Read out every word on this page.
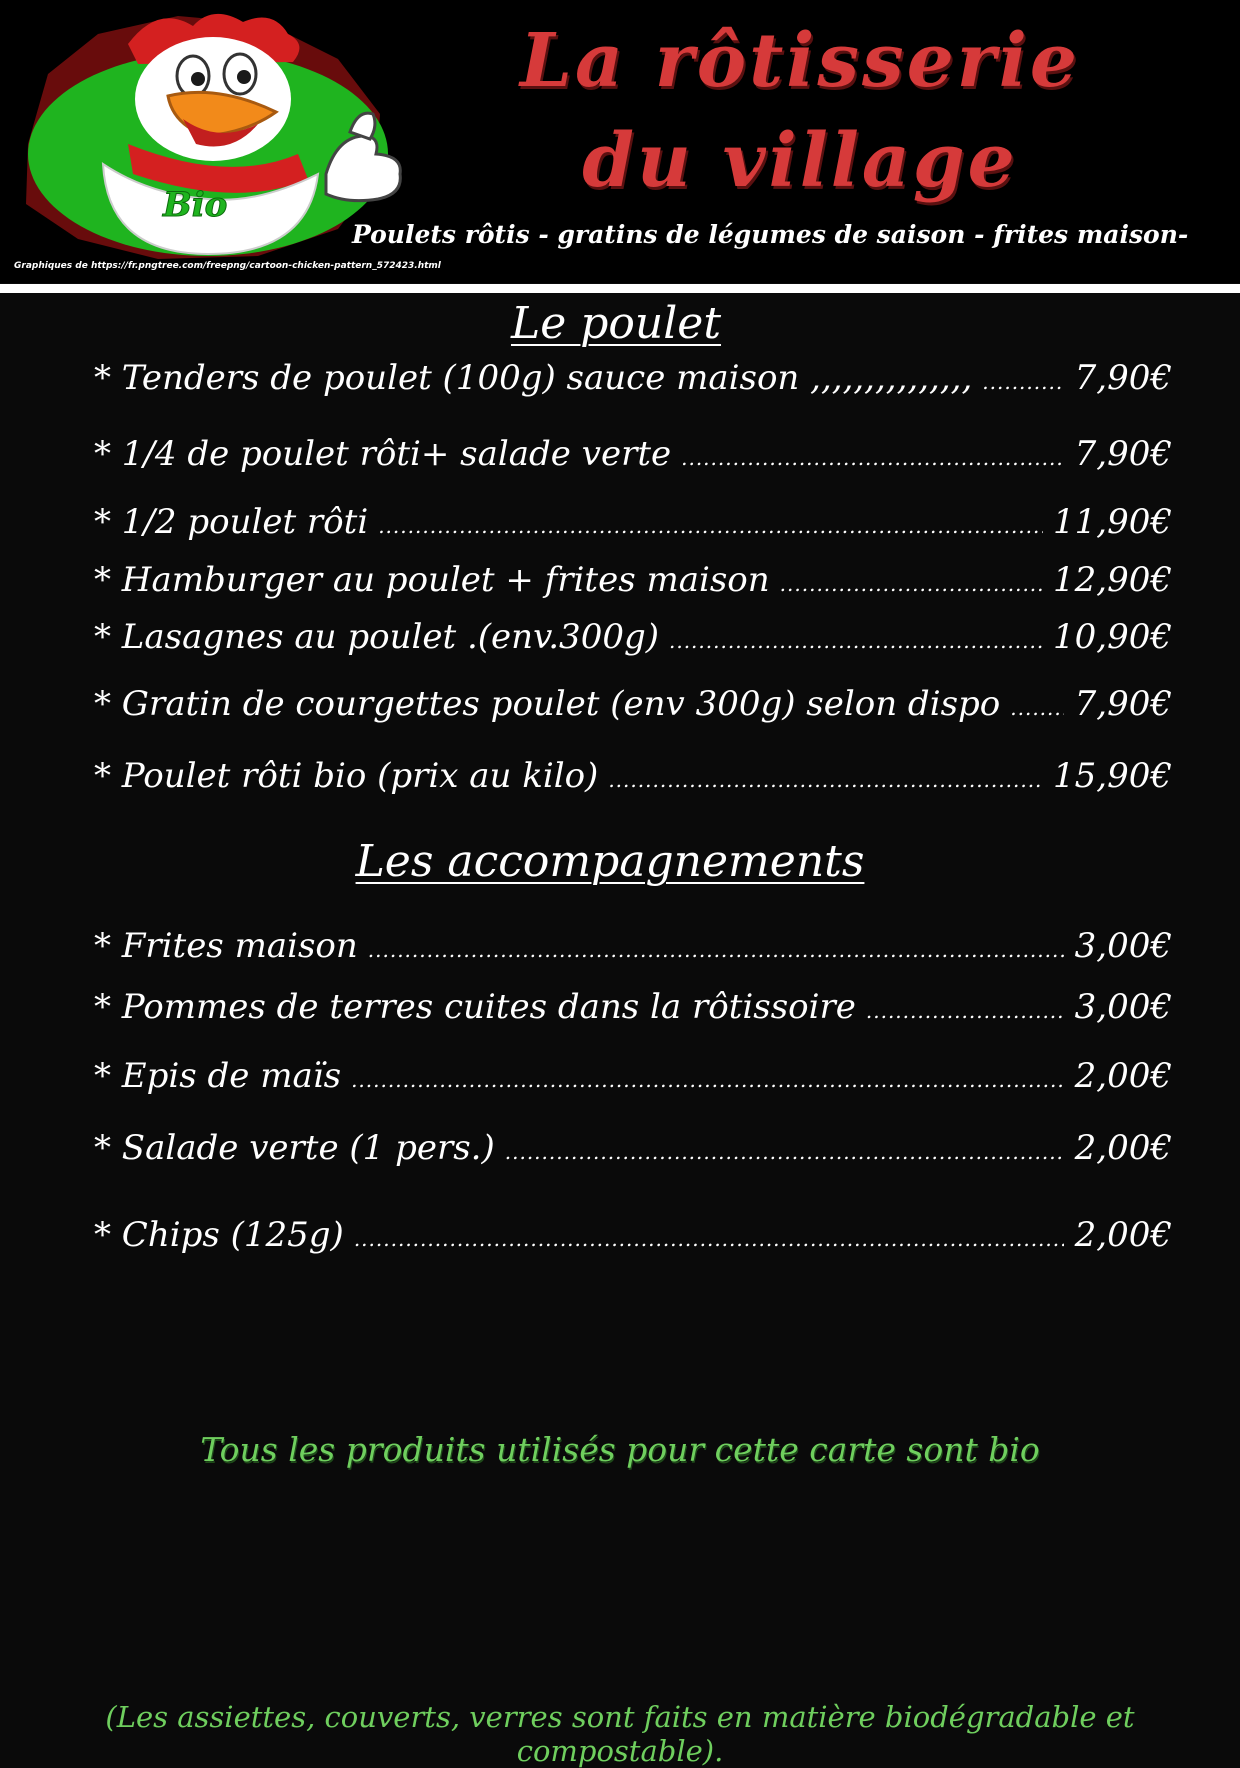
Bio
La rôtisserie
du village
Poulets rôtis - gratins de légumes de saison - frites maison-
Graphiques de https://fr.pngtree.com/freepng/cartoon-chicken-pattern_572423.html
Le poulet
* Tenders de poulet (100g) sauce maison ,,,,,,,,,,,,,,, .....	7,90€
* 1/4 de poulet rôti+ salade verte .....	7,90€
* 1/2 poulet rôti .....	11,90€
* Hamburger au poulet + frites maison .....	12,90€
* Lasagnes au poulet .(env.300g) .....	10,90€
* Gratin de courgettes poulet (env 300g) selon dispo ..... 7,90€
* Poulet rôti bio (prix au kilo) .....	15,90€
Les accompagnements
* Frites maison .....	3,00€
* Pommes de terres cuites dans la rôtissoire .....	3,00€
* Epis de maïs .....	2,00€
* Salade verte (1 pers.) .....	2,00€
* Chips (125g) .....	2,00€
Tous les produits utilisés pour cette carte sont bio
(Les assiettes, couverts, verres sont faits en matière biodégradable et compostable).
